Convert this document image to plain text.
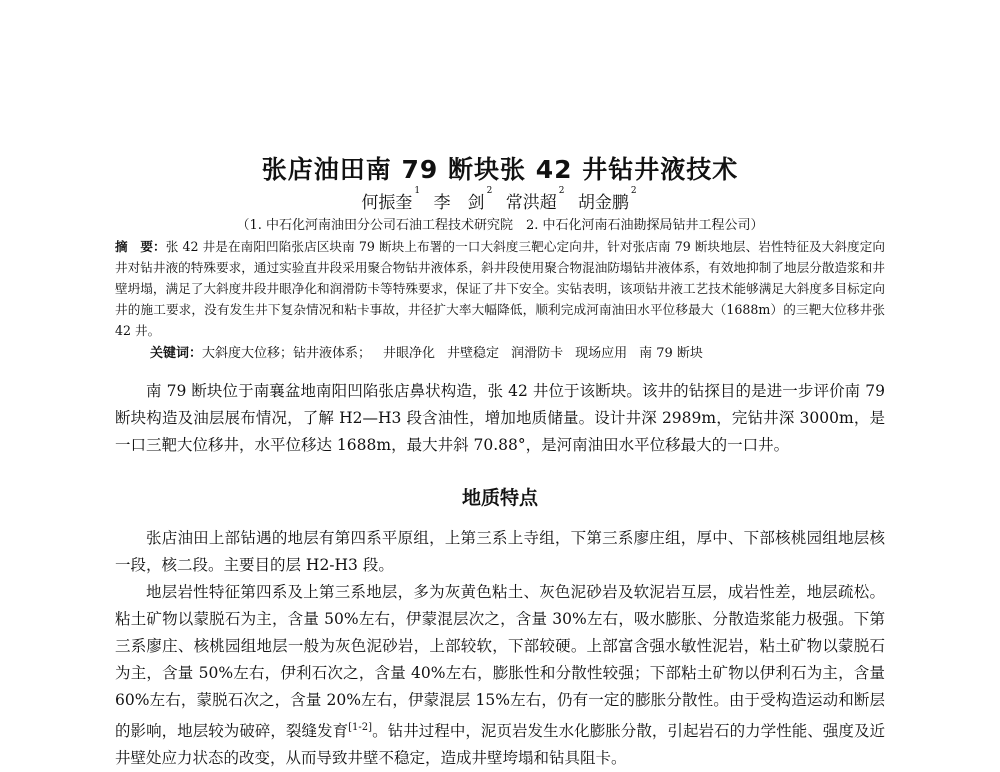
张店油田南 79 断块张 42 井钻井液技术
何振奎$^1$ 李　剑$^2$ 常洪超$^2$ 胡金鹏$^2$
（1. 中石化河南油田分公司石油工程技术研究院　2. 中石化河南石油勘探局钻井工程公司）
摘　要：张 42 井是在南阳凹陷张店区块南 79 断块上布署的一口大斜度三靶心定向井，针对张店南 79 断块地层、岩性特征及大斜度定向井对钻井液的特殊要求，通过实验直井段采用聚合物钻井液体系，斜井段使用聚合物混油防塌钻井液体系，有效地抑制了地层分散造浆和井壁坍塌，满足了大斜度井段井眼净化和润滑防卡等特殊要求，保证了井下安全。实钻表明，该项钻井液工艺技术能够满足大斜度多目标定向井的施工要求，没有发生井下复杂情况和粘卡事故，井径扩大率大幅降低，顺利完成河南油田水平位移最大（1688m）的三靶大位移井张 42 井。
关键词：大斜度大位移；钻井液体系； 井眼净化 井壁稳定 润滑防卡 现场应用 南 79 断块
南 79 断块位于南襄盆地南阳凹陷张店鼻状构造，张 42 井位于该断块。该井的钻探目的是进一步评价南 79 断块构造及油层展布情况，了解 H2—H3 段含油性，增加地质储量。设计井深 2989m，完钻井深 3000m，是一口三靶大位移井，水平位移达 1688m，最大井斜 70.88°，是河南油田水平位移最大的一口井。
地质特点
张店油田上部钻遇的地层有第四系平原组，上第三系上寺组，下第三系廖庄组，厚中、下部核桃园组地层核一段，核二段。主要目的层 H2-H3 段。
地层岩性特征第四系及上第三系地层，多为灰黄色粘土、灰色泥砂岩及软泥岩互层，成岩性差，地层疏松。粘土矿物以蒙脱石为主，含量 50%左右，伊蒙混层次之，含量 30%左右，吸水膨胀、分散造浆能力极强。下第三系廖庄、核桃园组地层一般为灰色泥砂岩，上部较软，下部较硬。上部富含强水敏性泥岩，粘土矿物以蒙脱石为主，含量 50%左右，伊利石次之，含量 40%左右，膨胀性和分散性较强；下部粘土矿物以伊利石为主，含量 60%左右，蒙脱石次之，含量 20%左右，伊蒙混层 15%左右，仍有一定的膨胀分散性。由于受构造运动和断层的影响，地层较为破碎，裂缝发育[1-2]。钻井过程中，泥页岩发生水化膨胀分散，引起岩石的力学性能、强度及近井壁处应力状态的改变，从而导致井壁不稳定，造成井壁垮塌和钻具阻卡。
